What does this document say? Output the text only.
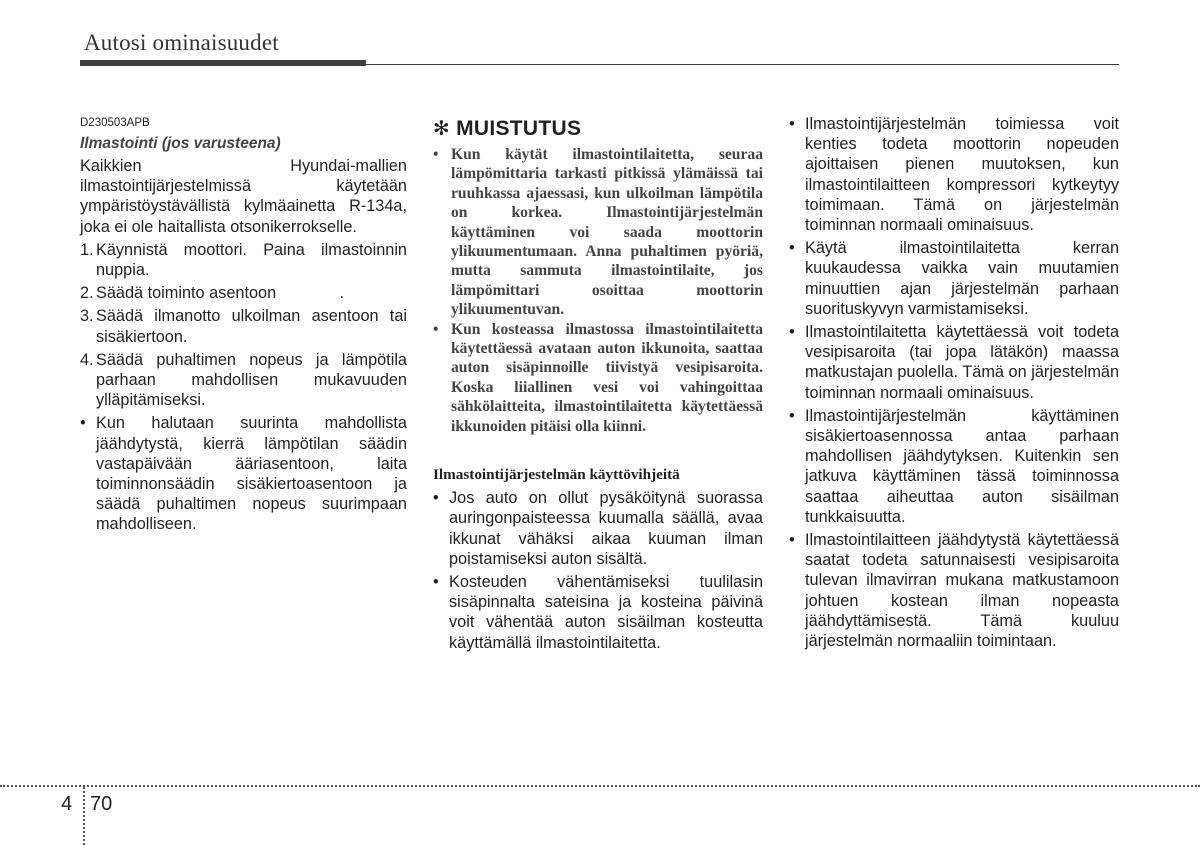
Autosi ominaisuudet
D230503APB
Ilmastointi (jos varusteena)

Kaikkien Hyundai-mallien ilmastointijärjestelmissä käytetään ympäristöystävällistä kylmäainetta R-134a, joka ei ole haitallista otsonikerrokselle.

1. Käynnistä moottori. Paina ilmastoinnin nuppia.
2. Säädä toiminto asentoon              .
3. Säädä ilmanotto ulkoilman asentoon tai sisäkiertoon.
4. Säädä puhaltimen nopeus ja lämpötila parhaan mahdollisen mukavuuden ylläpitämiseksi.
• Kun halutaan suurinta mahdollista jäähdytystä, kierrä lämpötilan säädin vastapäivään ääriasentoon, laita toiminnonsäädin sisäkiertoasentoon ja säädä puhaltimen nopeus suurimpaan mahdolliseen.
✻ MUISTUTUS
• Kun käytät ilmastointilaitetta, seuraa lämpömittaria tarkasti pitkissä ylämäissä tai ruuhkassa ajaessasi, kun ulkoilman lämpötila on korkea. Ilmastointijärjestelmän käyttäminen voi saada moottorin ylikuumentumaan. Anna puhaltimen pyöriä, mutta sammuta ilmastointilaite, jos lämpömittari osoittaa moottorin ylikuumentuvan.
• Kun kosteassa ilmastossa ilmastointilaitetta käytettäessä avataan auton ikkunoita, saattaa auton sisäpinnoille tiivistyä vesipisaroita. Koska liiallinen vesi voi vahingoittaa sähkölaitteita, ilmastointilaitetta käytettäessä ikkunoiden pitäisi olla kiinni.
Ilmastointijärjestelmän käyttövihjeitä
• Jos auto on ollut pysäköitynä suorassa auringonpaisteessa kuumalla säällä, avaa ikkunat vähäksi aikaa kuuman ilman poistamiseksi auton sisältä.
• Kosteuden vähentämiseksi tuulilasin sisäpinnalta sateisina ja kosteina päivinä voit vähentää auton sisäilman kosteutta käyttämällä ilmastointilaitetta.
• Ilmastointijärjestelmän toimiessa voit kenties todeta moottorin nopeuden ajoittaisen pienen muutoksen, kun ilmastointilaitteen kompressori kytkeytyy toimimaan. Tämä on järjestelmän toiminnan normaali ominaisuus.
• Käytä ilmastointilaitetta kerran kuukaudessa vaikka vain muutamien minuuttien ajan järjestelmän parhaan suorituskyvyn varmistamiseksi.
• Ilmastointilaitetta käytettäessä voit todeta vesipisaroita (tai jopa lätäkön) maassa matkustajan puolella. Tämä on järjestelmän toiminnan normaali ominaisuus.
• Ilmastointijärjestelmän käyttäminen sisäkiertoasennossa antaa parhaan mahdollisen jäähdytyksen. Kuitenkin sen jatkuva käyttäminen tässä toiminnossa saattaa aiheuttaa auton sisäilman tunkkaisuutta.
• Ilmastointilaitteen jäähdytystä käytettäessä saatat todeta satunnaisesti vesipisaroita tulevan ilmavirran mukana matkustamoon johtuen kostean ilman nopeasta jäähdyttämisestä. Tämä kuuluu järjestelmän normaaliin toimintaan.
4 70
